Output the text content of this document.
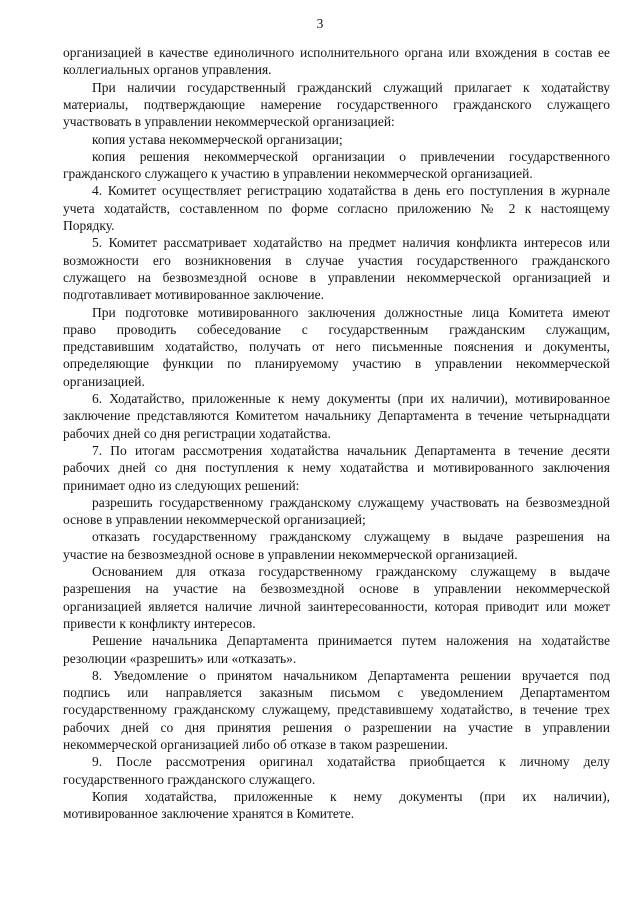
3
организацией в качестве единоличного исполнительного органа или вхождения в состав ее
коллегиальных органов управления.
При наличии государственный гражданский служащий прилагает к ходатайству
материалы, подтверждающие намерение государственного гражданского служащего
участвовать в управлении некоммерческой организацией:
копия устава некоммерческой организации;
копия решения некоммерческой организации о привлечении государственного
гражданского служащего к участию в управлении некоммерческой организацией.
4. Комитет осуществляет регистрацию ходатайства в день его поступления в журнале
учета ходатайств, составленном по форме согласно приложению № 2 к настоящему
Порядку.
5. Комитет рассматривает ходатайство на предмет наличия конфликта интересов или
возможности его возникновения в случае участия государственного гражданского
служащего на безвозмездной основе в управлении некоммерческой организацией и
подготавливает мотивированное заключение.
При подготовке мотивированного заключения должностные лица Комитета имеют
право проводить собеседование с государственным гражданским служащим,
представившим ходатайство, получать от него письменные пояснения и документы,
определяющие функции по планируемому участию в управлении некоммерческой
организацией.
6. Ходатайство, приложенные к нему документы (при их наличии), мотивированное
заключение представляются Комитетом начальнику Департамента в течение четырнадцати
рабочих дней со дня регистрации ходатайства.
7. По итогам рассмотрения ходатайства начальник Департамента в течение десяти
рабочих дней со дня поступления к нему ходатайства и мотивированного заключения
принимает одно из следующих решений:
разрешить государственному гражданскому служащему участвовать на безвозмездной
основе в управлении некоммерческой организацией;
отказать государственному гражданскому служащему в выдаче разрешения на
участие на безвозмездной основе в управлении некоммерческой организацией.
Основанием для отказа государственному гражданскому служащему в выдаче
разрешения на участие на безвозмездной основе в управлении некоммерческой
организацией является наличие личной заинтересованности, которая приводит или может
привести к конфликту интересов.
Решение начальника Департамента принимается путем наложения на ходатайстве
резолюции «разрешить» или «отказать».
8. Уведомление о принятом начальником Департамента решении вручается под
подпись или направляется заказным письмом с уведомлением Департаментом
государственному гражданскому служащему, представившему ходатайство, в течение трех
рабочих дней со дня принятия решения о разрешении на участие в управлении
некоммерческой организацией либо об отказе в таком разрешении.
9. После рассмотрения оригинал ходатайства приобщается к личному делу
государственного гражданского служащего.
Копия ходатайства, приложенные к нему документы (при их наличии),
мотивированное заключение хранятся в Комитете.
